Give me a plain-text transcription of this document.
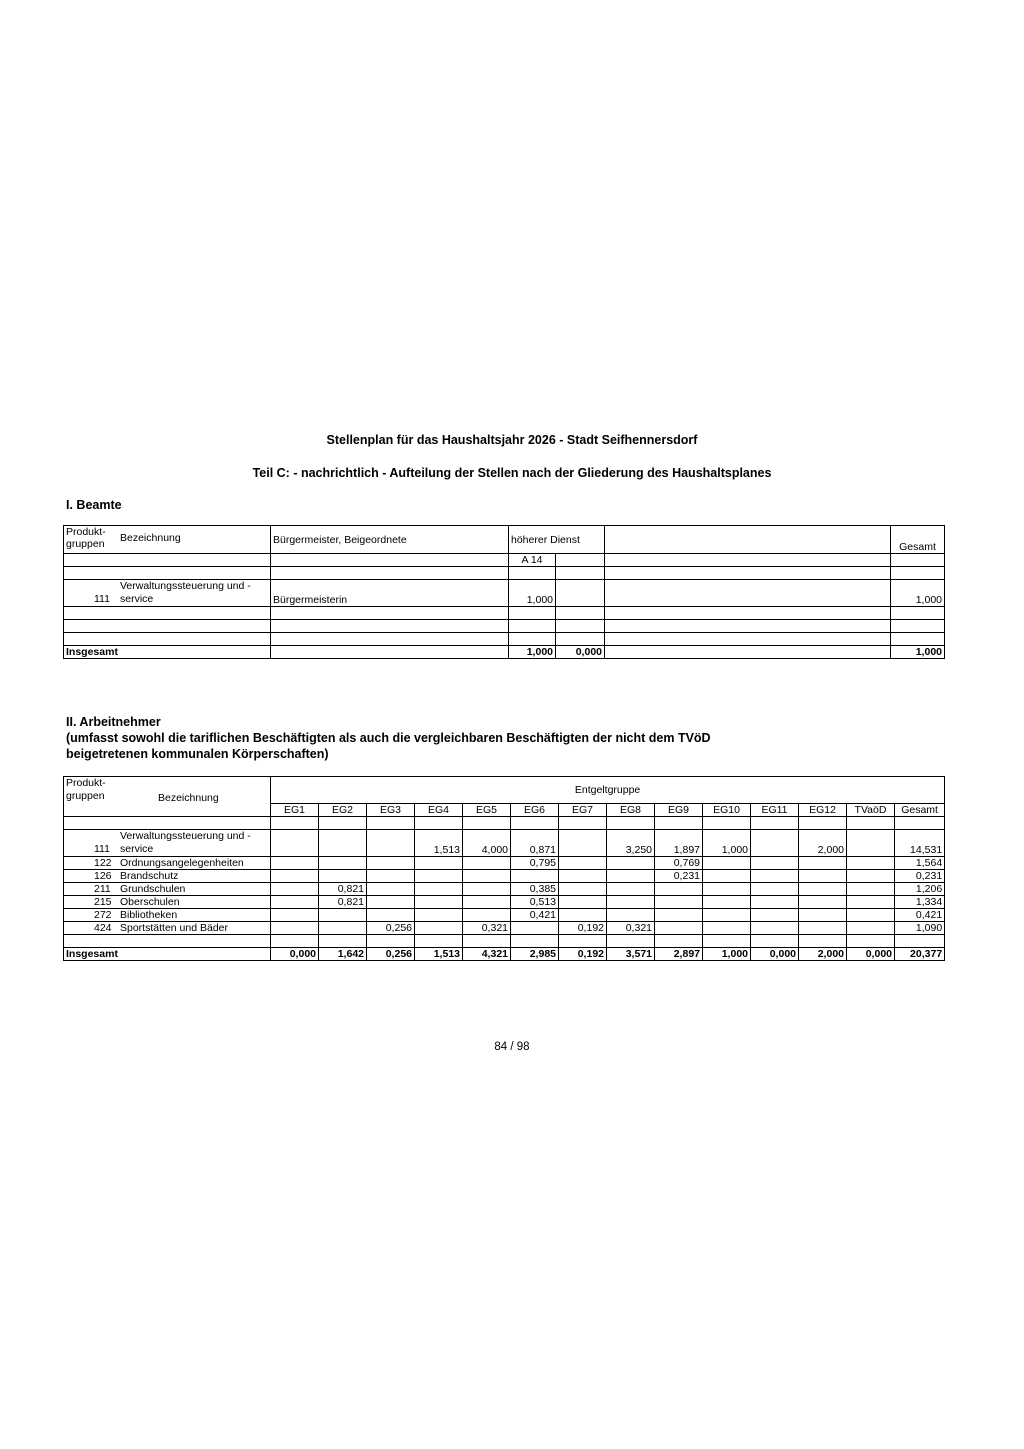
Stellenplan für das Haushaltsjahr 2026 - Stadt Seifhennersdorf
Teil C: - nachrichtlich - Aufteilung der Stellen nach der Gliederung des Haushaltsplanes
I. Beamte
Produkt-
gruppen Bezeichnung	Bürgermeister, Beigeordnete	höherer Dienst			Gesamt
		A 14			

Verwaltungssteuerung und -
111 service	Bürgermeisterin	1,000			1,000

Insgesamt		1,000	0,000		1,000
II. Arbeitnehmer
(umfasst sowohl die tariflichen Beschäftigten als auch die vergleichbaren Beschäftigten der nicht dem TVöD
beigetretenen kommunalen Körperschaften)
Produkt-
gruppen Bezeichnung	Entgeltgruppe													
	EG1	EG2	EG3	EG4	EG5	EG6	EG7	EG8	EG9	EG10	EG11	EG12	TVaöD	Gesamt

Verwaltungssteuerung und -
111 service				1,513	4,000	0,871		3,250	1,897	1,000		2,000		14,531

122 Ordnungsangelegenheiten						0,795			0,769					1,564

126 Brandschutz									0,231					0,231

211 Grundschulen		0,821				0,385								1,206

215 Oberschulen		0,821				0,513								1,334

272 Bibliotheken						0,421								0,421

424 Sportstätten und Bäder			0,256		0,321		0,192	0,321						1,090

Insgesamt	0,000	1,642	0,256	1,513	4,321	2,985	0,192	3,571	2,897	1,000	0,000	2,000	0,000	20,377
84 / 98
